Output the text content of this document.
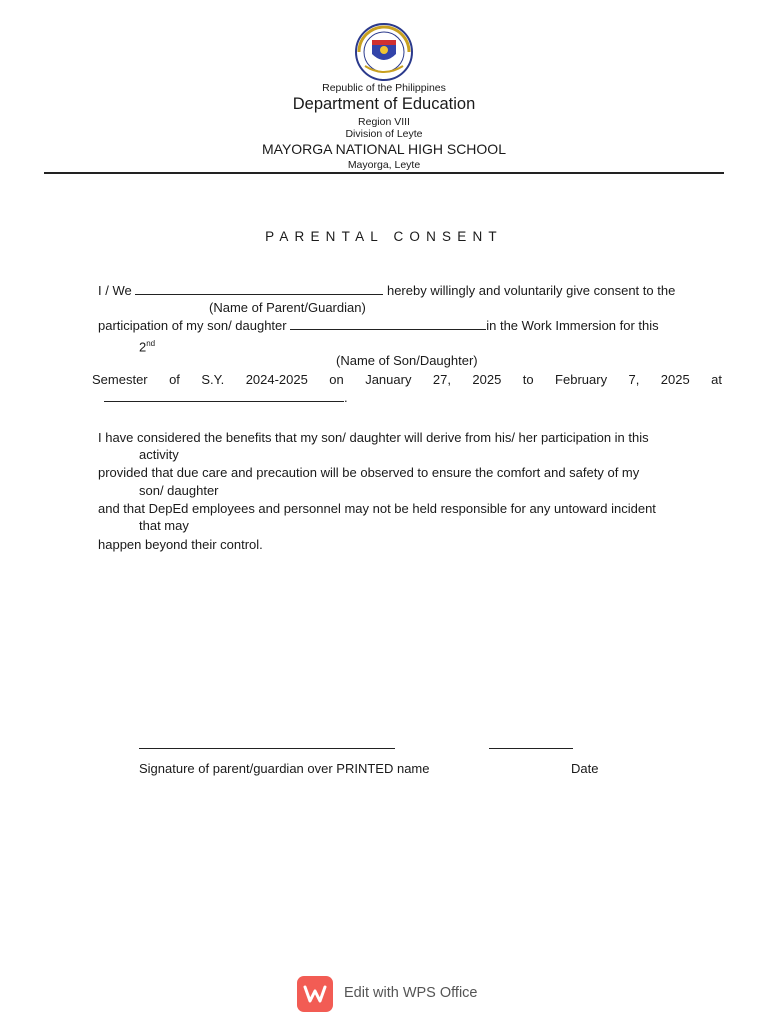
Republic of the Philippines
Department of Education
Region VIII
Division of Leyte
MAYORGA NATIONAL HIGH SCHOOL
Mayorga, Leyte
PARENTAL CONSENT
I / We	hereby willingly and voluntarily give consent to the
(Name of Parent/Guardian)
participation of my son/ daughter	in the Work Immersion for this
2nd
(Name of Son/Daughter)
Semester of S.Y. 2024-2025 on January 27, 2025 to February 7, 2025 at
.
I have considered the benefits that my son/ daughter will derive from his/ her participation in this
activity
provided that due care and precaution will be observed to ensure the comfort and safety of my
son/ daughter
and that DepEd employees and personnel may not be held responsible for any untoward incident
that may
happen beyond their control.
Signature of parent/guardian over PRINTED name	Date
Edit with WPS Office
